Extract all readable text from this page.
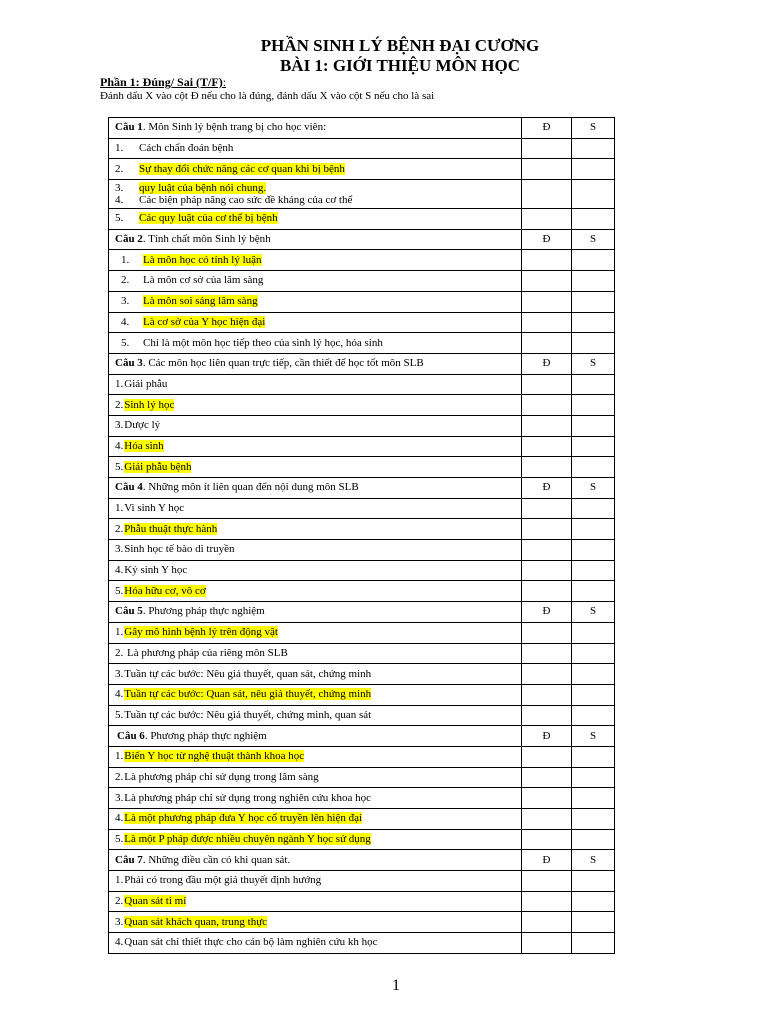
PHẦN SINH LÝ BỆNH ĐẠI CƯƠNG
BÀI 1: GIỚI THIỆU MÔN HỌC
Phần 1: Đúng/ Sai (T/F):
Đánh dấu X vào cột Đ nếu cho là đúng, đánh dấu X vào cột S nếu cho là sai
Câu 1. Môn Sinh lý bệnh trang bị cho học viên:	Đ	S
1. Cách chẩn đoán bệnh		
2. Sự thay đổi chức năng các cơ quan khi bị bệnh		

3. quy luật của bệnh nói chung.
4. Các biện pháp nâng cao sức đề kháng của cơ thể		

5. Các quy luật của cơ thể bị bệnh		
Câu 2. Tính chất môn Sinh lý bệnh	Đ	S
1. Là môn học có tính lý luận		
2. Là môn cơ sở của lâm sàng		
3. Là môn soi sáng lâm sàng		
4. Là cơ sở của Y học hiện đại		
5. Chỉ là một môn học tiếp theo của sinh lý học, hóa sinh		
Câu 3. Các môn học liên quan trực tiếp, cần thiết để học tốt môn SLB	Đ	S
1.Giải phẫu		
2.Sinh lý học		
3.Dược lý		
4.Hóa sinh		
5.Giải phẫu bệnh		
Câu 4. Những môn ít liên quan đến nội dung môn SLB	Đ	S
1.Vi sinh Y học		
2.Phẫu thuật thực hành		
3.Sinh học tế bào di truyền		
4.Ký sinh Y học		
5.Hóa hữu cơ, vô cơ		
Câu 5. Phương pháp thực nghiệm	Đ	S
1.Gây mô hình bệnh lý trên động vật		
2. Là phương pháp của riêng môn SLB		
3.Tuần tự các bước: Nêu giả thuyết, quan sát, chứng minh		
4.Tuần tự các bước: Quan sát, nêu giả thuyết, chứng minh		
5.Tuần tự các bước: Nêu giả thuyết, chứng minh, quan sát		
Câu 6. Phương pháp thực nghiệm	Đ	S
1.Biến Y học từ nghệ thuật thành khoa học		
2.Là phương pháp chỉ sử dụng trong lâm sàng		
3.Là phương pháp chỉ sử dụng trong nghiên cứu khoa học		
4.Là một phương pháp đưa Y học cổ truyền lên hiện đại		
5.Là một P pháp được nhiều chuyên ngành Y học sử dụng		
Câu 7. Những điều cần có khi quan sát.	Đ	S
1.Phải có trong đầu một giả thuyết định hướng		
2.Quan sát tỉ mỉ		
3.Quan sát khách quan, trung thực		
4.Quan sát chỉ thiết thực cho cán bộ làm nghiên cứu kh học		
1
